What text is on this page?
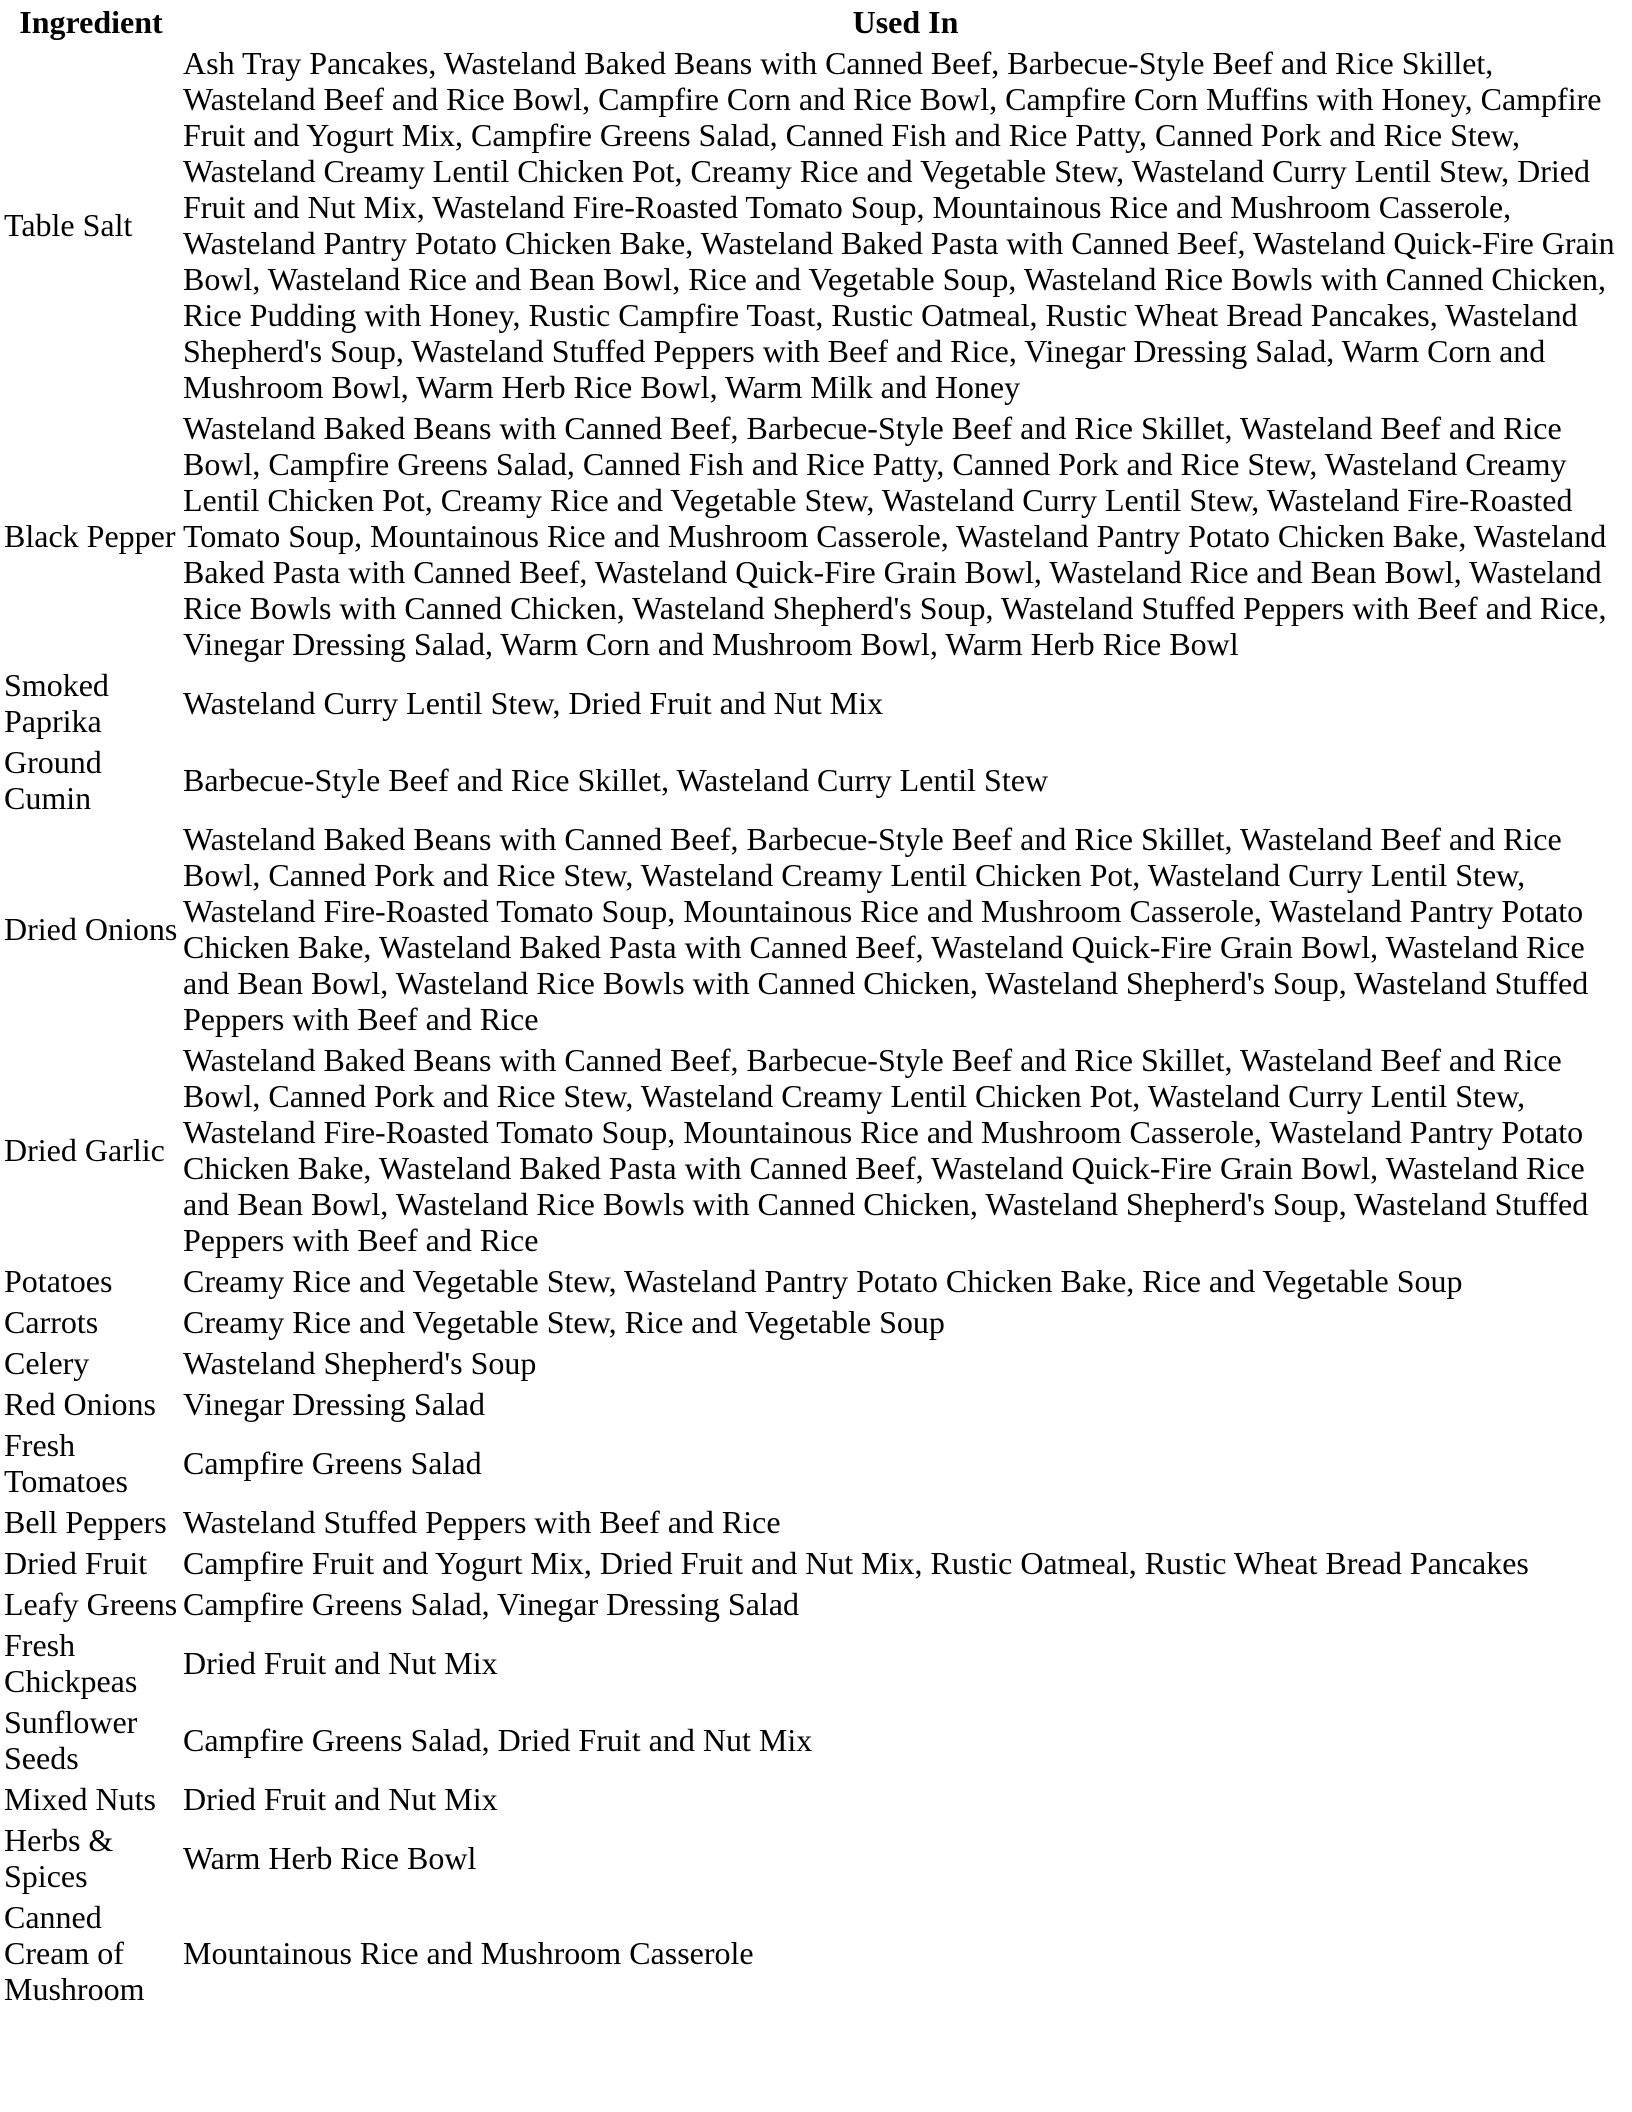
Ingredient	Used In
Table Salt	Ash Tray Pancakes, Wasteland Baked Beans with Canned Beef, Barbecue-Style Beef and Rice Skillet, Wasteland Beef and Rice Bowl, Campfire Corn and Rice Bowl, Campfire Corn Muffins with Honey, Campfire Fruit and Yogurt Mix, Campfire Greens Salad, Canned Fish and Rice Patty, Canned Pork and Rice Stew, Wasteland Creamy Lentil Chicken Pot, Creamy Rice and Vegetable Stew, Wasteland Curry Lentil Stew, Dried Fruit and Nut Mix, Wasteland Fire-Roasted Tomato Soup, Mountainous Rice and Mushroom Casserole, Wasteland Pantry Potato Chicken Bake, Wasteland Baked Pasta with Canned Beef, Wasteland Quick-Fire Grain Bowl, Wasteland Rice and Bean Bowl, Rice and Vegetable Soup, Wasteland Rice Bowls with Canned Chicken, Rice Pudding with Honey, Rustic Campfire Toast, Rustic Oatmeal, Rustic Wheat Bread Pancakes, Wasteland Shepherd's Soup, Wasteland Stuffed Peppers with Beef and Rice, Vinegar Dressing Salad, Warm Corn and Mushroom Bowl, Warm Herb Rice Bowl, Warm Milk and Honey
Black Pepper	Wasteland Baked Beans with Canned Beef, Barbecue-Style Beef and Rice Skillet, Wasteland Beef and Rice Bowl, Campfire Greens Salad, Canned Fish and Rice Patty, Canned Pork and Rice Stew, Wasteland Creamy Lentil Chicken Pot, Creamy Rice and Vegetable Stew, Wasteland Curry Lentil Stew, Wasteland Fire-Roasted Tomato Soup, Mountainous Rice and Mushroom Casserole, Wasteland Pantry Potato Chicken Bake, Wasteland Baked Pasta with Canned Beef, Wasteland Quick-Fire Grain Bowl, Wasteland Rice and Bean Bowl, Wasteland Rice Bowls with Canned Chicken, Wasteland Shepherd's Soup, Wasteland Stuffed Peppers with Beef and Rice, Vinegar Dressing Salad, Warm Corn and Mushroom Bowl, Warm Herb Rice Bowl
Smoked Paprika	Wasteland Curry Lentil Stew, Dried Fruit and Nut Mix
Ground Cumin	Barbecue-Style Beef and Rice Skillet, Wasteland Curry Lentil Stew
Dried Onions	Wasteland Baked Beans with Canned Beef, Barbecue-Style Beef and Rice Skillet, Wasteland Beef and Rice Bowl, Canned Pork and Rice Stew, Wasteland Creamy Lentil Chicken Pot, Wasteland Curry Lentil Stew, Wasteland Fire-Roasted Tomato Soup, Mountainous Rice and Mushroom Casserole, Wasteland Pantry Potato Chicken Bake, Wasteland Baked Pasta with Canned Beef, Wasteland Quick-Fire Grain Bowl, Wasteland Rice and Bean Bowl, Wasteland Rice Bowls with Canned Chicken, Wasteland Shepherd's Soup, Wasteland Stuffed Peppers with Beef and Rice
Dried Garlic	Wasteland Baked Beans with Canned Beef, Barbecue-Style Beef and Rice Skillet, Wasteland Beef and Rice Bowl, Canned Pork and Rice Stew, Wasteland Creamy Lentil Chicken Pot, Wasteland Curry Lentil Stew, Wasteland Fire-Roasted Tomato Soup, Mountainous Rice and Mushroom Casserole, Wasteland Pantry Potato Chicken Bake, Wasteland Baked Pasta with Canned Beef, Wasteland Quick-Fire Grain Bowl, Wasteland Rice and Bean Bowl, Wasteland Rice Bowls with Canned Chicken, Wasteland Shepherd's Soup, Wasteland Stuffed Peppers with Beef and Rice
Potatoes	Creamy Rice and Vegetable Stew, Wasteland Pantry Potato Chicken Bake, Rice and Vegetable Soup
Carrots	Creamy Rice and Vegetable Stew, Rice and Vegetable Soup
Celery	Wasteland Shepherd's Soup
Red Onions	Vinegar Dressing Salad
Fresh Tomatoes	Campfire Greens Salad
Bell Peppers	Wasteland Stuffed Peppers with Beef and Rice
Dried Fruit	Campfire Fruit and Yogurt Mix, Dried Fruit and Nut Mix, Rustic Oatmeal, Rustic Wheat Bread Pancakes
Leafy Greens	Campfire Greens Salad, Vinegar Dressing Salad
Fresh Chickpeas	Dried Fruit and Nut Mix
Sunflower Seeds	Campfire Greens Salad, Dried Fruit and Nut Mix
Mixed Nuts	Dried Fruit and Nut Mix
Herbs & Spices	Warm Herb Rice Bowl
Canned Cream of Mushroom	Mountainous Rice and Mushroom Casserole
